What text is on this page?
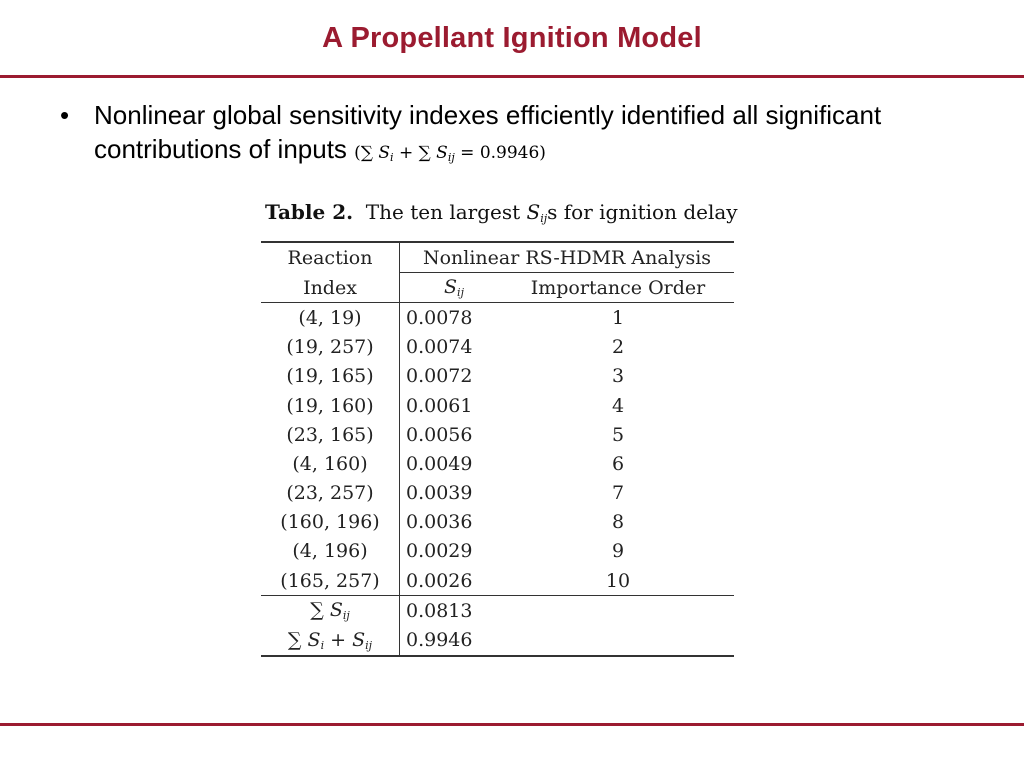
A Propellant Ignition Model
• Nonlinear global sensitivity indexes efficiently identified all significant contributions of inputs (∑ $S_i$ + ∑ $S_{ij} = 0.9946$)
Table 2. The ten largest $S_{ij}s$ for ignition delay
Reaction	Nonlinear RS-HDMR Analysis	
Index	$S_{ij}$	Importance Order
(4, 19)	0.0078	1
(19, 257)	0.0074	2
(19, 165)	0.0072	3
(19, 160)	0.0061	4
(23, 165)	0.0056	5
(4, 160)	0.0049	6
(23, 257)	0.0039	7
(160, 196)	0.0036	8
(4, 196)	0.0029	9
(165, 257)	0.0026	10
∑ $S_{ij}$	0.0813	
∑ $S_i + S_{ij}$	0.9946	
